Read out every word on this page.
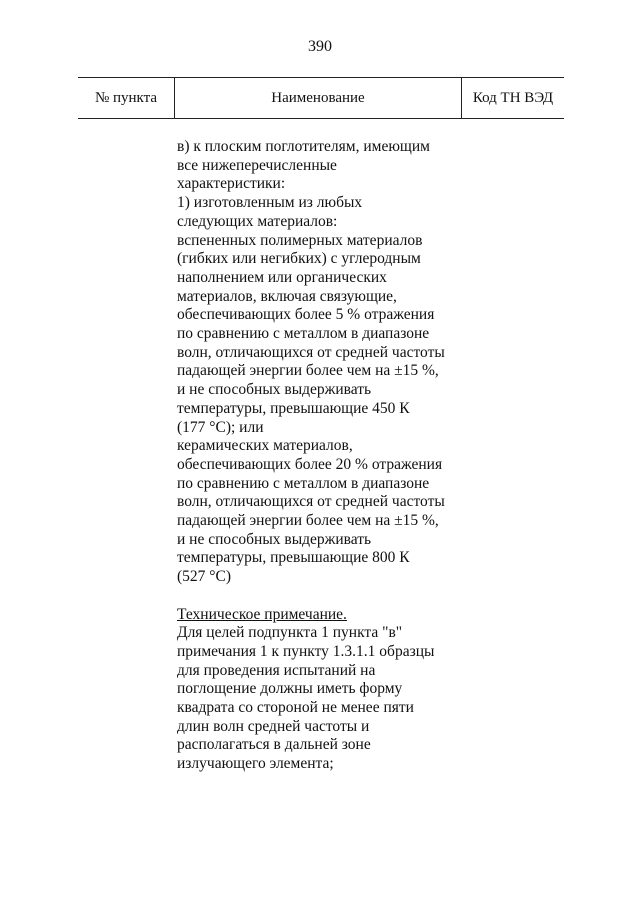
390
№ пункта	Наименование	Код ТН ВЭД
в) к плоским поглотителям, имеющим
все нижеперечисленные
характеристики:
1) изготовленным из любых
следующих материалов:
вспененных полимерных материалов
(гибких или негибких) с углеродным
наполнением или органических
материалов, включая связующие,
обеспечивающих более 5 % отражения
по сравнению с металлом в диапазоне
волн, отличающихся от средней частоты
падающей энергии более чем на ±15 %,
и не способных выдерживать
температуры, превышающие 450 К
(177 °С); или
керамических материалов,
обеспечивающих более 20 % отражения
по сравнению с металлом в диапазоне
волн, отличающихся от средней частоты
падающей энергии более чем на ±15 %,
и не способных выдерживать
температуры, превышающие 800 К
(527 °С)
Техническое примечание.
Для целей подпункта 1 пункта "в"
примечания 1 к пункту 1.3.1.1 образцы
для проведения испытаний на
поглощение должны иметь форму
квадрата со стороной не менее пяти
длин волн средней частоты и
располагаться в дальней зоне
излучающего элемента;
